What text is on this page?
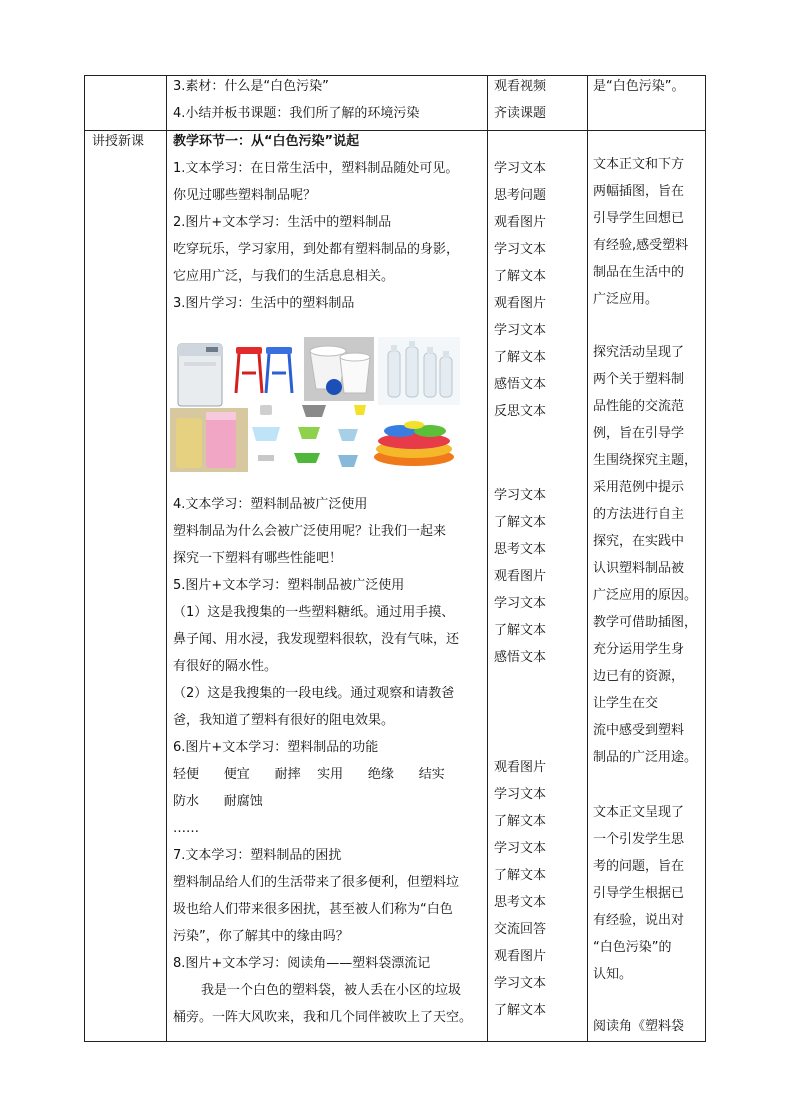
3.素材：什么是“白色污染”
4.小结并板书课题：我们所了解的环境污染
观看视频
齐读课题
是“白色污染”。
讲授新课 教学环节一：从“白色污染”说起
1.文本学习：在日常生活中，塑料制品随处可见。
你见过哪些塑料制品呢？
2.图片+文本学习：生活中的塑料制品
吃穿玩乐，学习家用，到处都有塑料制品的身影，
它应用广泛，与我们的生活息息相关。
3.图片学习：生活中的塑料制品
4.文本学习：塑料制品被广泛使用
塑料制品为什么会被广泛使用呢？让我们一起来
探究一下塑料有哪些性能吧！
5.图片+文本学习：塑料制品被广泛使用
（1）这是我搜集的一些塑料糖纸。通过用手摸、
鼻子闻、用水浸，我发现塑料很软，没有气味，还
有很好的隔水性。
（2）这是我搜集的一段电线。通过观察和请教爸
爸，我知道了塑料有很好的阻电效果。
6.图片+文本学习：塑料制品的功能
轻便      便宜      耐摔    实用      绝缘      结实
防水      耐腐蚀
……
7.文本学习：塑料制品的困扰
塑料制品给人们的生活带来了很多便利，但塑料垃
圾也给人们带来很多困扰，甚至被人们称为“白色
污染”，你了解其中的缘由吗？
8.图片+文本学习：阅读角——塑料袋漂流记
我是一个白色的塑料袋，被人丢在小区的垃圾
桶旁。一阵大风吹来，我和几个同伴被吹上了天空。
学习文本
思考问题
观看图片
学习文本
了解文本
观看图片
学习文本
了解文本
感悟文本
反思文本
学习文本
了解文本
思考文本
观看图片
学习文本
了解文本
感悟文本
观看图片
学习文本
了解文本
学习文本
了解文本
思考文本
交流回答
观看图片
学习文本
了解文本
文本正文和下方
两幅插图，旨在
引导学生回想已
有经验,感受塑料
制品在生活中的
广泛应用。
探究活动呈现了
两个关于塑料制
品性能的交流范
例，旨在引导学
生围绕探究主题，
采用范例中提示
的方法进行自主
探究，在实践中
认识塑料制品被
广泛应用的原因。
教学可借助插图，
充分运用学生身
边已有的资源，
让学生在交
流中感受到塑料
制品的广泛用途。
文本正文呈现了
一个引发学生思
考的问题，旨在
引导学生根据已
有经验，说出对
“白色污染”的
认知。
阅读角《塑料袋
